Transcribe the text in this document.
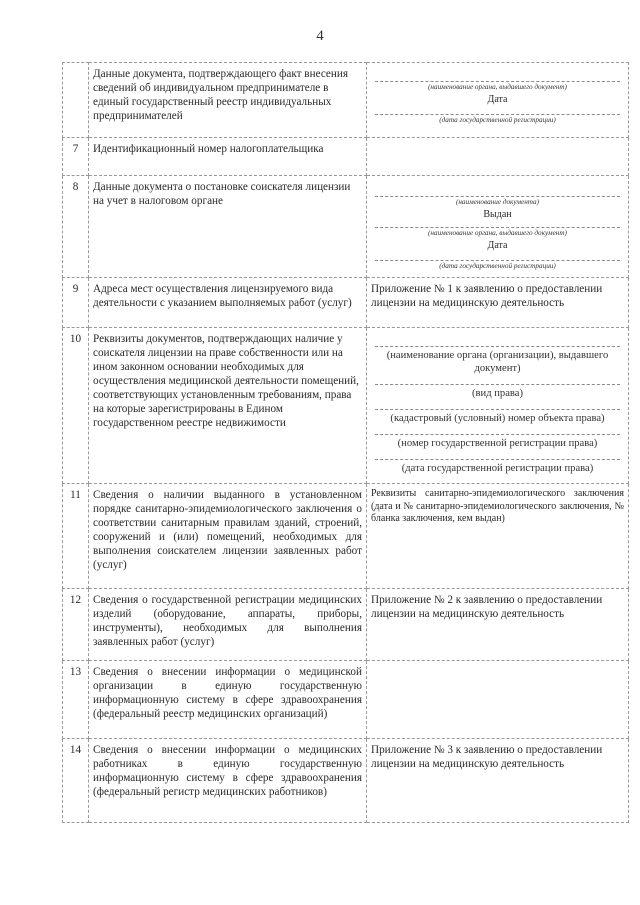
4
	Данные документа, подтверждающего факт внесения сведений об индивидуальном предпринимателе в единый государственный реестр индивидуальных предпринимателей	(наименование органа, выдавшего документ)
Дата
(дата государственной регистрации)

7	Идентификационный номер налогоплательщика	
8	Данные документа о постановке соискателя лицензии на учет в налоговом органе	(наименование документа)
Выдан
(наименование органа, выдавшего документ)
Дата
(дата государственной регистрации)

9	Адреса мест осуществления лицензируемого вида деятельности с указанием выполняемых работ (услуг)	Приложение № 1 к заявлению о предоставлении лицензии на медицинскую деятельность
10	Реквизиты документов, подтверждающих наличие у соискателя лицензии на праве собственности или на ином законном основании необходимых для осуществления медицинской деятельности помещений, соответствующих установленным требованиям, права на которые зарегистрированы в Едином государственном реестре недвижимости	
(наименование органа (организации), выдавшего документ)
(вид права)
(кадастровый (условный) номер объекта права)
(номер государственной регистрации права)
(дата государственной регистрации права)

11	Сведения о наличии выданного в установленном порядке санитарно-эпидемиологического заключения о соответствии санитарным правилам зданий, строений, сооружений и (или) помещений, необходимых для выполнения соискателем лицензии заявленных работ (услуг)	Реквизиты санитарно-эпидемиологического заключения (дата и № санитарно-эпидемиологического заключения, № бланка заключения, кем выдан)
12	Сведения о государственной регистрации медицинских изделий (оборудование, аппараты, приборы, инструменты), необходимых для выполнения заявленных работ (услуг)	Приложение № 2 к заявлению о предоставлении лицензии на медицинскую деятельность
13	Сведения о внесении информации о медицинской организации в единую государственную информационную систему в сфере здравоохранения (федеральный реестр медицинских организаций)	
14	Сведения о внесении информации о медицинских работниках в единую государственную информационную систему в сфере здравоохранения (федеральный регистр медицинских работников)	Приложение № 3 к заявлению о предоставлении лицензии на медицинскую деятельность
